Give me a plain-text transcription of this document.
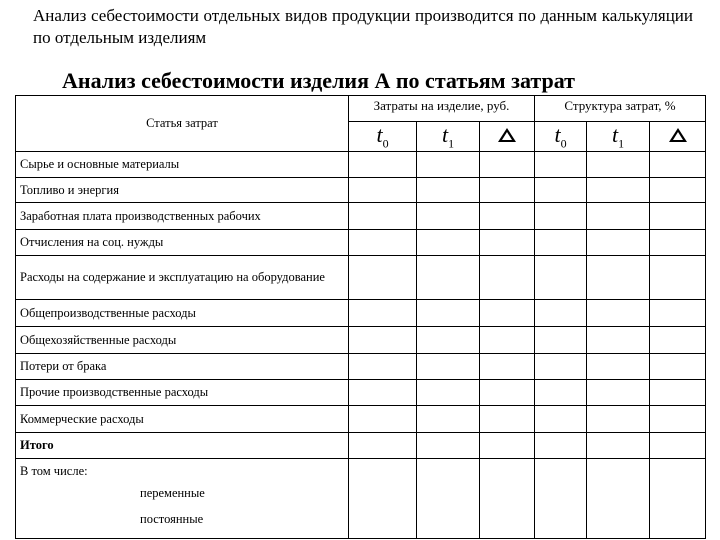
Анализ себестоимости отдельных видов продукции производится по данным калькуляции по отдельным изделиям
Анализ себестоимости изделия А по статьям затрат
Статья затрат	Затраты на изделие, руб.			Структура затрат, %		
	$t_0$	$t_1$		$t_0$	$t_1$	
Сырье и основные материалы						
Топливо и энергия						
Заработная плата производственных рабочих						
Отчисления на соц. нужды						
Расходы на содержание и эксплуатацию на оборудование						
Общепроизводственные расходы						
Общехозяйственные расходы						
Потери от брака						
Прочие производственные расходы						
Коммерческие расходы						
Итого						
В том числе:
переменные
постоянные						
